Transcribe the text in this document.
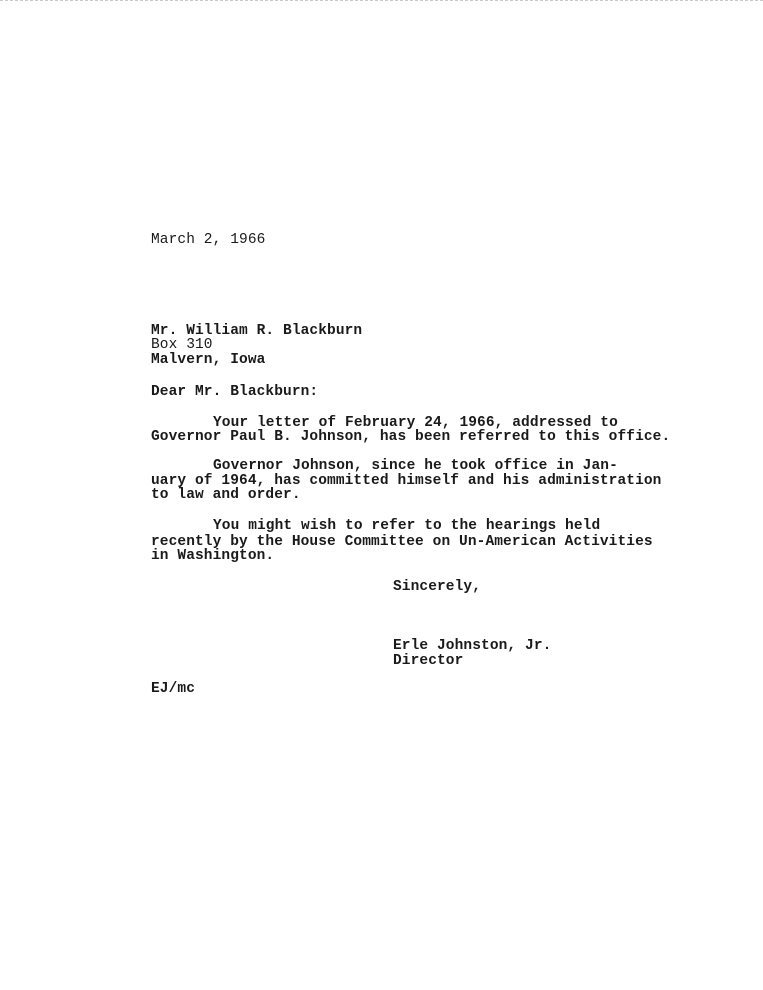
March 2, 1966
Mr. William R. Blackburn
Box 310
Malvern, Iowa
Dear Mr. Blackburn:
Your letter of February 24, 1966, addressed to
Governor Paul B. Johnson, has been referred to this office.
Governor Johnson, since he took office in Jan-
uary of 1964, has committed himself and his administration
to law and order.
You might wish to refer to the hearings held
recently by the House Committee on Un-American Activities
in Washington.
Sincerely,
Erle Johnston, Jr.
Director
EJ/mc
